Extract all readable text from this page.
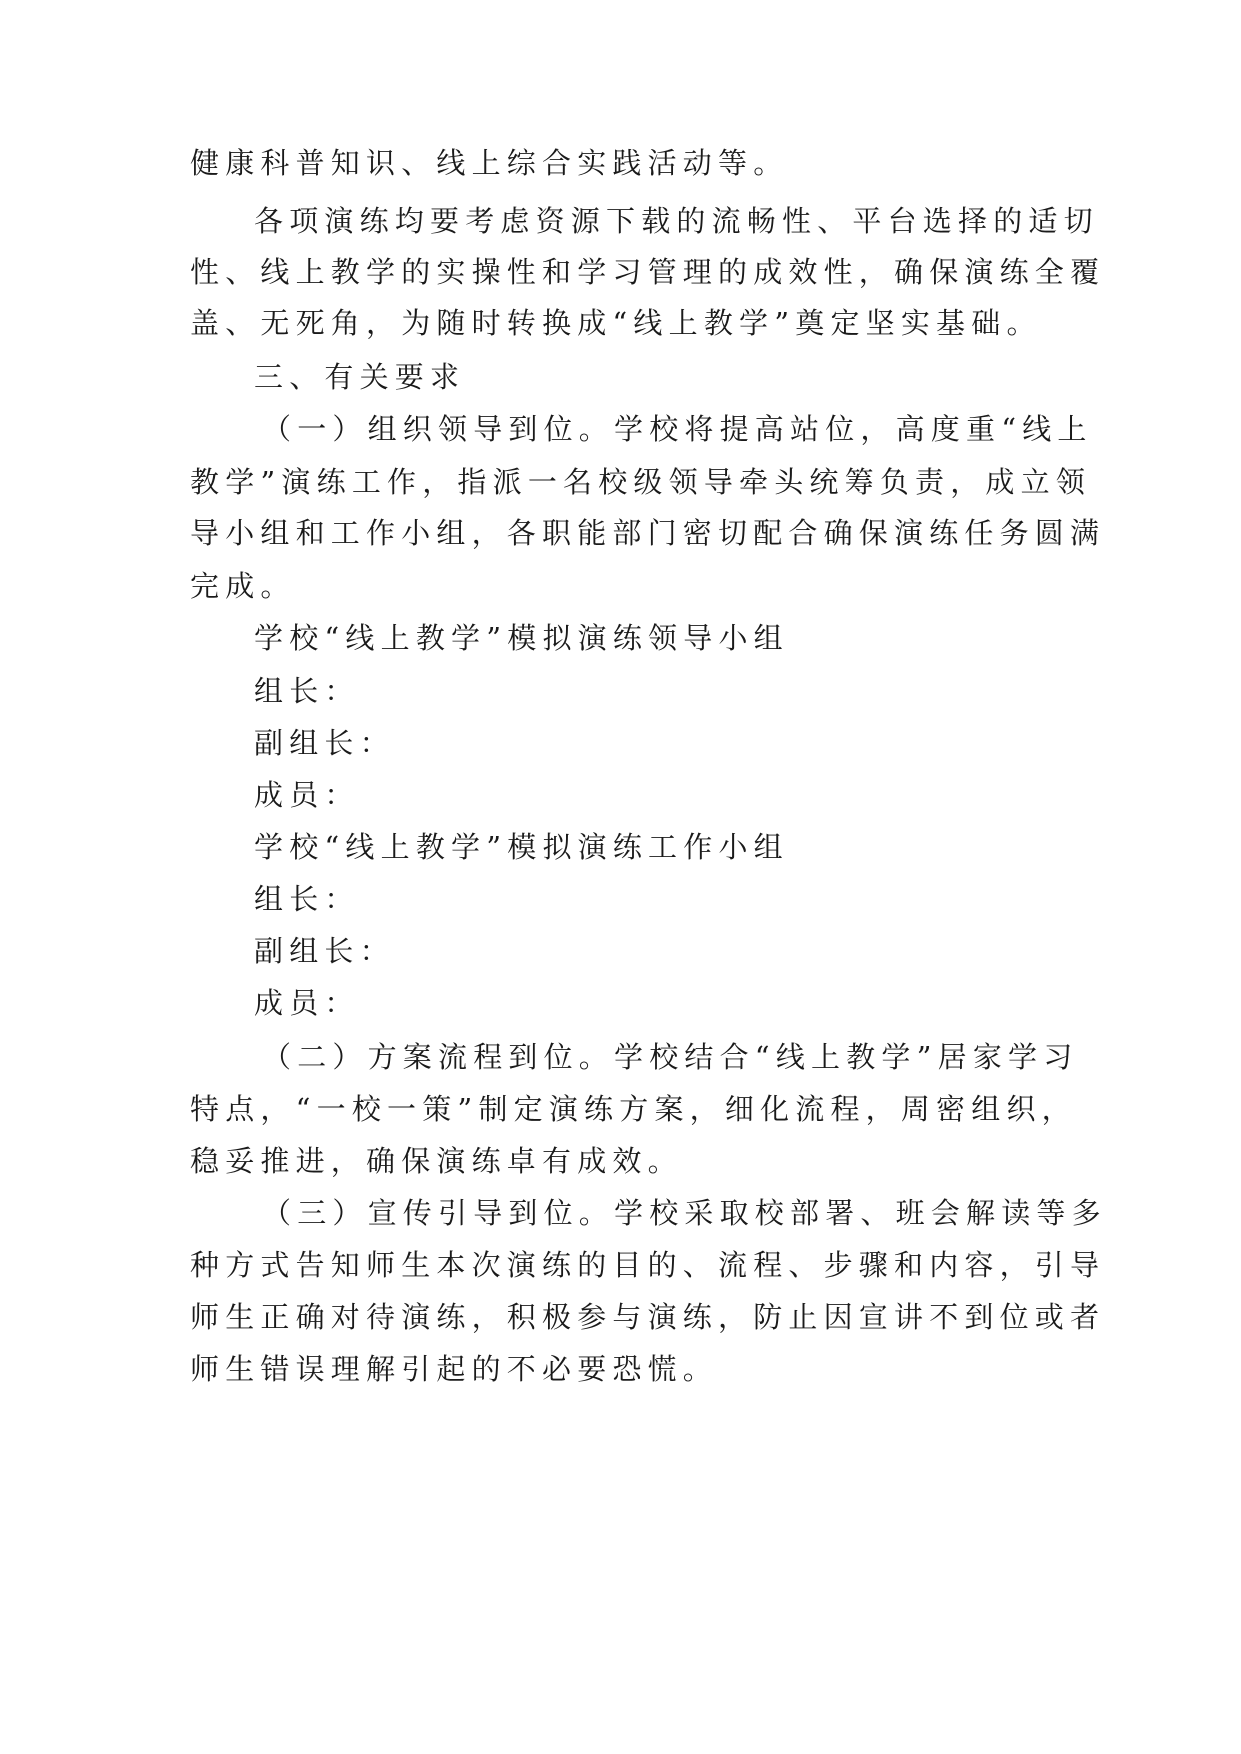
健康科普知识、线上综合实践活动等。
各项演练均要考虑资源下载的流畅性、平台选择的适切
性、线上教学的实操性和学习管理的成效性，确保演练全覆
盖、无死角，为随时转换成“线上教学”奠定坚实基础。
三、有关要求
（一）组织领导到位。学校将提高站位，高度重“线上
教学”演练工作，指派一名校级领导牵头统筹负责，成立领
导小组和工作小组，各职能部门密切配合确保演练任务圆满
完成。
学校“线上教学”模拟演练领导小组
组长：
副组长：
成员：
学校“线上教学”模拟演练工作小组
组长：
副组长：
成员：
（二）方案流程到位。学校结合“线上教学”居家学习
特点，“一校一策”制定演练方案，细化流程，周密组织，
稳妥推进，确保演练卓有成效。
（三）宣传引导到位。学校采取校部署、班会解读等多
种方式告知师生本次演练的目的、流程、步骤和内容，引导
师生正确对待演练，积极参与演练，防止因宣讲不到位或者
师生错误理解引起的不必要恐慌。
